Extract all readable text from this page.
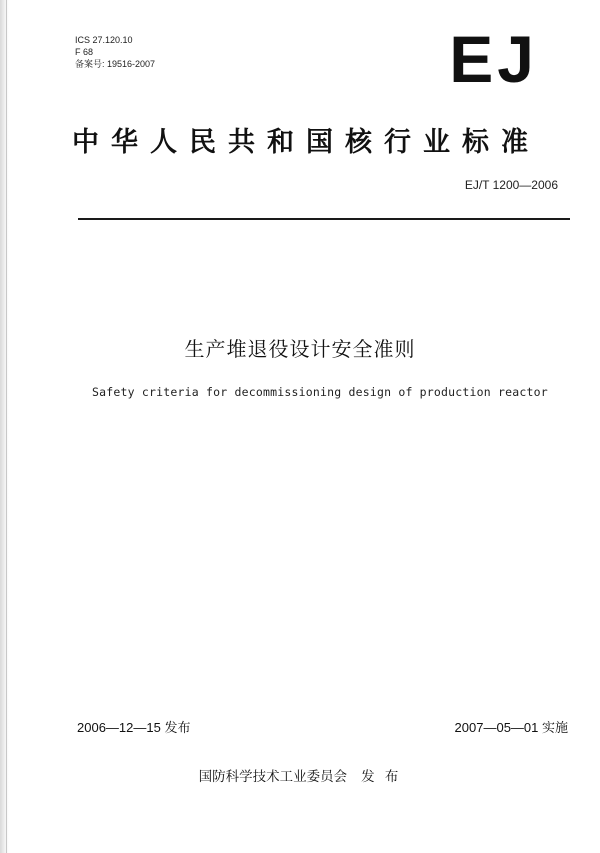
ICS 27.120.10
F 68
备案号: 19516-2007	EJ
中华人民共和国核行业标准
EJ/T 1200—2006
生产堆退役设计安全准则
Safety criteria for decommissioning design of production reactor
2006—12—15 发布	2007—05—01 实施
国防科学技术工业委员会 发 布
